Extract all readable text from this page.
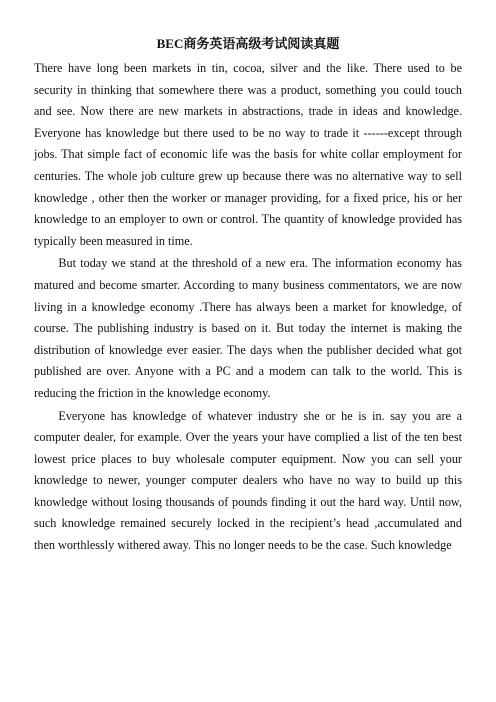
BEC商务英语高级考试阅读真题

There have long been markets in tin, cocoa, silver and the like. There used to be security in thinking that somewhere there was a product, something you could touch and see. Now there are new markets in abstractions, trade in ideas and knowledge. Everyone has knowledge but there used to be no way to trade it ------except through jobs. That simple fact of economic life was the basis for white collar employment for centuries. The whole job culture grew up because there was no alternative way to sell knowledge , other then the worker or manager providing, for a fixed price, his or her knowledge to an employer to own or control. The quantity of knowledge provided has typically been measured in time.

But today we stand at the threshold of a new era. The information economy has matured and become smarter. According to many business commentators, we are now living in a knowledge economy .There has always been a market for knowledge, of course. The publishing industry is based on it. But today the internet is making the distribution of knowledge ever easier. The days when the publisher decided what got published are over. Anyone with a PC and a modem can talk to the world. This is reducing the friction in the knowledge economy.

Everyone has knowledge of whatever industry she or he is in. say you are a computer dealer, for example. Over the years your have complied a list of the ten best lowest price places to buy wholesale computer equipment. Now you can sell your knowledge to newer, younger computer dealers who have no way to build up this knowledge without losing thousands of pounds finding it out the hard way. Until now, such knowledge remained securely locked in the recipient’s head ,accumulated and then worthlessly withered away. This no longer needs to be the case. Such knowledge
